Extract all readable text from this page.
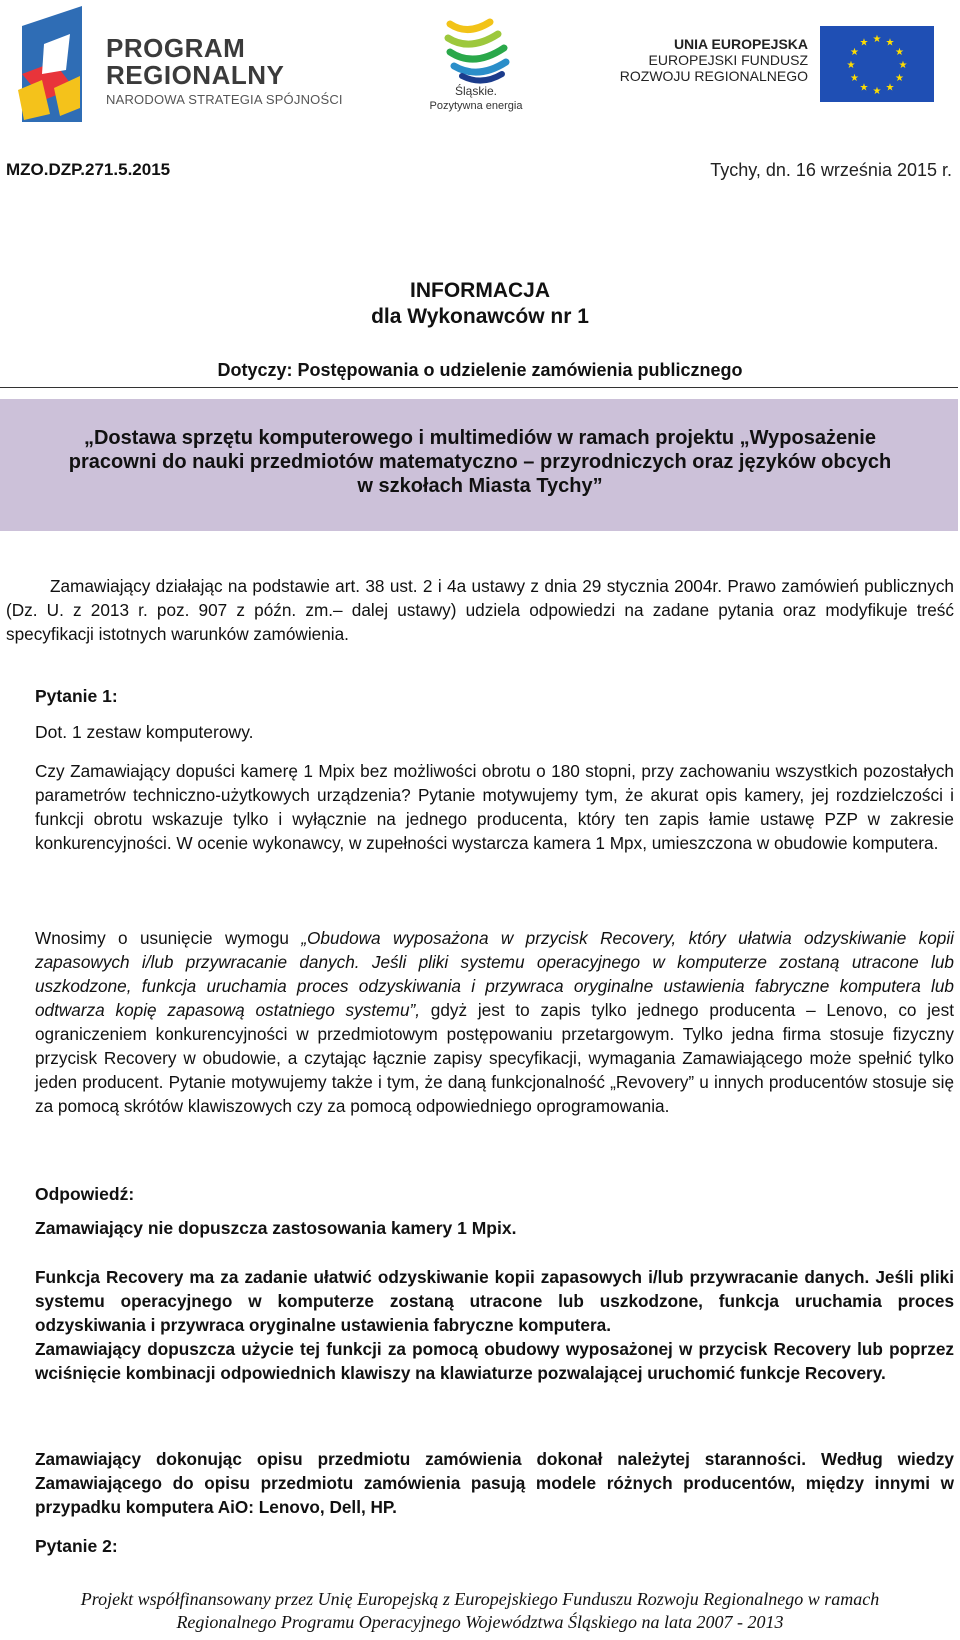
PROGRAM
REGIONALNY
NARODOWA STRATEGIA SPÓJNOŚCI
Śląskie.
Pozytywna energia
UNIA EUROPEJSKA
EUROPEJSKI FUNDUSZ
ROZWOJU REGIONALNEGO
★ ★
★
★
★
★
★
★
★
★
★
★
MZO.DZP.271.5.2015	Tychy, dn. 16 września 2015 r.
INFORMACJA
dla Wykonawców nr 1
Dotyczy: Postępowania o udzielenie zamówienia publicznego
„Dostawa sprzętu komputerowego i multimediów w ramach projektu „Wyposażenie
pracowni do nauki przedmiotów matematyczno – przyrodniczych oraz języków obcych
w szkołach Miasta Tychy”
Zamawiający działając na podstawie art. 38 ust. 2 i 4a ustawy z dnia 29 stycznia 2004r. Prawo zamówień publicznych (Dz. U. z 2013 r. poz. 907 z późn. zm.– dalej ustawy) udziela odpowiedzi na zadane pytania oraz modyfikuje treść specyfikacji istotnych warunków zamówienia.
Pytanie 1:
Dot. 1 zestaw komputerowy.
Czy Zamawiający dopuści kamerę 1 Mpix bez możliwości obrotu o 180 stopni, przy zachowaniu wszystkich pozostałych parametrów techniczno-użytkowych urządzenia? Pytanie motywujemy tym, że akurat opis kamery, jej rozdzielczości i funkcji obrotu wskazuje tylko i wyłącznie na jednego producenta, który ten zapis łamie ustawę PZP w zakresie konkurencyjności. W ocenie wykonawcy, w zupełności wystarcza kamera 1 Mpx, umieszczona w obudowie komputera.
Wnosimy o usunięcie wymogu „Obudowa wyposażona w przycisk Recovery, który ułatwia odzyskiwanie kopii zapasowych i/lub przywracanie danych. Jeśli pliki systemu operacyjnego w komputerze zostaną utracone lub uszkodzone, funkcja uruchamia proces odzyskiwania i przywraca oryginalne ustawienia fabryczne komputera lub odtwarza kopię zapasową ostatniego systemu”, gdyż jest to zapis tylko jednego producenta – Lenovo, co jest ograniczeniem konkurencyjności w przedmiotowym postępowaniu przetargowym. Tylko jedna firma stosuje fizyczny przycisk Recovery w obudowie, a czytając łącznie zapisy specyfikacji, wymagania Zamawiającego może spełnić tylko jeden producent. Pytanie motywujemy także i tym, że daną funkcjonalność „Revovery” u innych producentów stosuje się za pomocą skrótów klawiszowych czy za pomocą odpowiedniego oprogramowania.
Odpowiedź:
Zamawiający nie dopuszcza zastosowania kamery 1 Mpix.
Funkcja Recovery ma za zadanie ułatwić odzyskiwanie kopii zapasowych i/lub przywracanie danych. Jeśli pliki systemu operacyjnego w komputerze zostaną utracone lub uszkodzone, funkcja uruchamia proces odzyskiwania i przywraca oryginalne ustawienia fabryczne komputera.
Zamawiający dopuszcza użycie tej funkcji za pomocą obudowy wyposażonej w przycisk Recovery lub poprzez wciśnięcie kombinacji odpowiednich klawiszy na klawiaturze pozwalającej uruchomić funkcje Recovery.
Zamawiający dokonując opisu przedmiotu zamówienia dokonał należytej staranności. Według wiedzy Zamawiającego do opisu przedmiotu zamówienia pasują modele różnych producentów, między innymi w przypadku komputera AiO: Lenovo, Dell, HP.
Pytanie 2:
Projekt współfinansowany przez Unię Europejską z Europejskiego Funduszu Rozwoju Regionalnego w ramach
Regionalnego Programu Operacyjnego Województwa Śląskiego na lata 2007 - 2013
